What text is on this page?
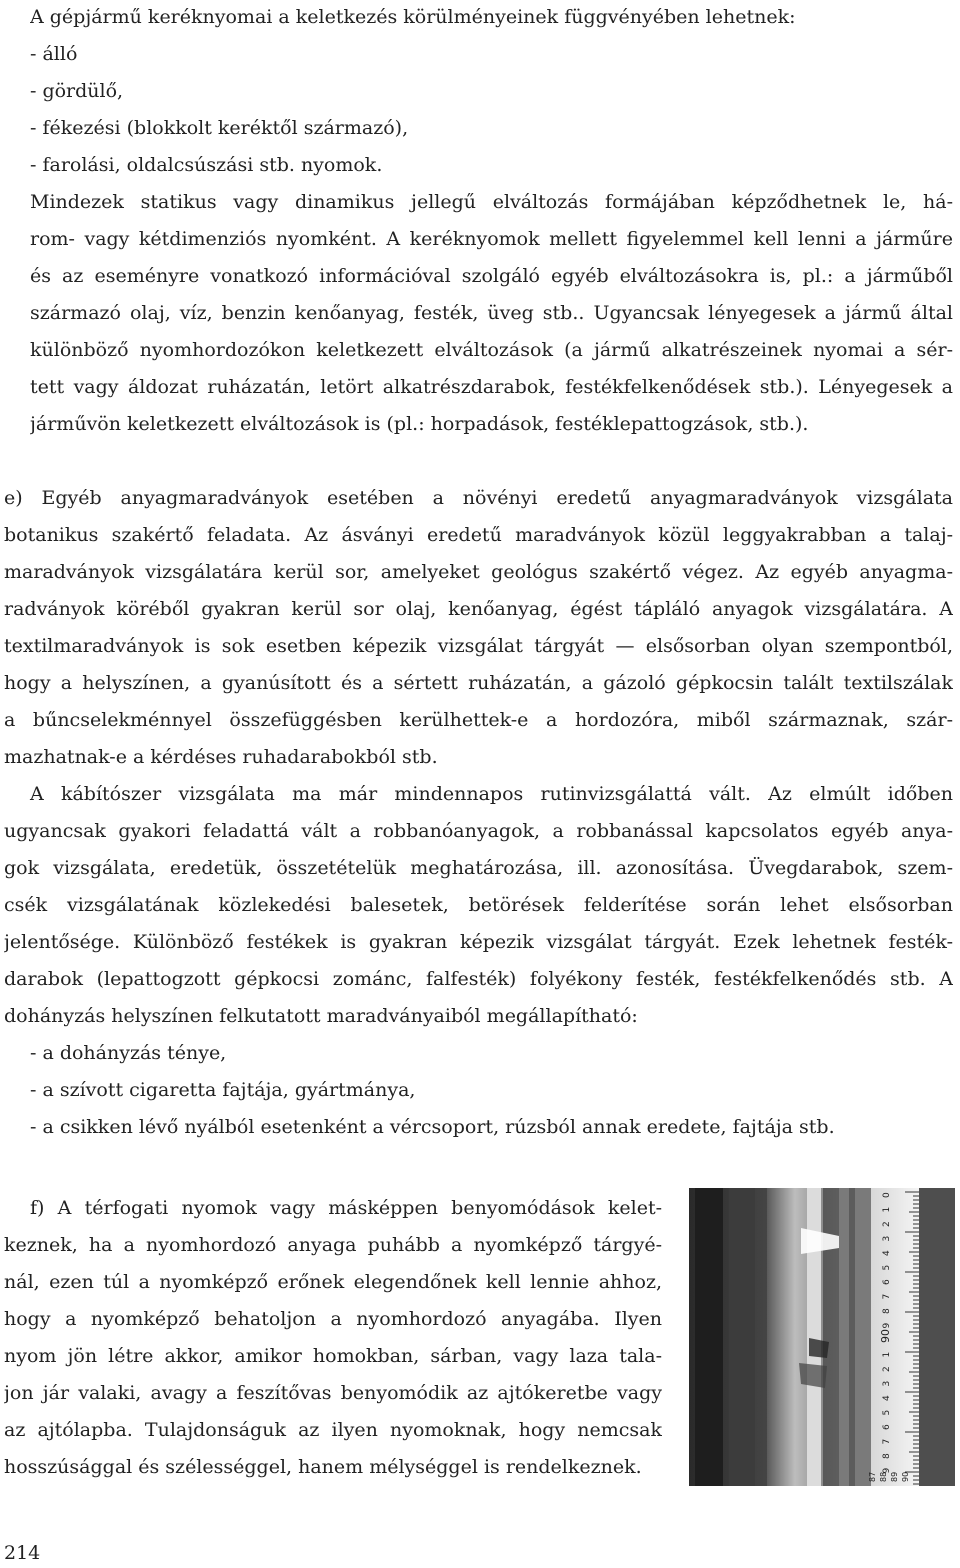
A gépjármű keréknyomai a keletkezés körülményeinek függvényében lehetnek:
- álló
- gördülő,
- fékezési (blokkolt keréktől származó),
- farolási, oldalcsúszási stb. nyomok.
Mindezek statikus vagy dinamikus jellegű elváltozás formájában képződhetnek le, há-
rom- vagy kétdimenziós nyomként. A keréknyomok mellett figyelemmel kell lenni a járműre
és az eseményre vonatkozó információval szolgáló egyéb elváltozásokra is, pl.: a járműből
származó olaj, víz, benzin kenőanyag, festék, üveg stb.. Ugyancsak lényegesek a jármű által
különböző nyomhordozókon keletkezett elváltozások (a jármű alkatrészeinek nyomai a sér-
tett vagy áldozat ruházatán, letört alkatrészdarabok, festékfelkenődések stb.). Lényegesek a
járművön keletkezett elváltozások is (pl.: horpadások, festéklepattogzások, stb.).
e) Egyéb anyagmaradványok esetében a növényi eredetű anyagmaradványok vizsgálata
botanikus szakértő feladata. Az ásványi eredetű maradványok közül leggyakrabban a talaj-
maradványok vizsgálatára kerül sor, amelyeket geológus szakértő végez. Az egyéb anyagma-
radványok köréből gyakran kerül sor olaj, kenőanyag, égést tápláló anyagok vizsgálatára. A
textilmaradványok is sok esetben képezik vizsgálat tárgyát — elsősorban olyan szempontból,
hogy a helyszínen, a gyanúsított és a sértett ruházatán, a gázoló gépkocsin talált textilszálak
a bűncselekménnyel összefüggésben kerülhettek-e a hordozóra, miből származnak, szár-
mazhatnak-e a kérdéses ruhadarabokból stb.
A kábítószer vizsgálata ma már mindennapos rutinvizsgálattá vált. Az elmúlt időben
ugyancsak gyakori feladattá vált a robbanóanyagok, a robbanással kapcsolatos egyéb anya-
gok vizsgálata, eredetük, összetételük meghatározása, ill. azonosítása. Üvegdarabok, szem-
csék vizsgálatának közlekedési balesetek, betörések felderítése során lehet elsősorban
jelentősége. Különböző festékek is gyakran képezik vizsgálat tárgyát. Ezek lehetnek festék-
darabok (lepattogzott gépkocsi zománc, falfesték) folyékony festék, festékfelkenődés stb. A
dohányzás helyszínen felkutatott maradványaiból megállapítható:
- a dohányzás ténye,
- a szívott cigaretta fajtája, gyártmánya,
- a csikken lévő nyálból esetenként a vércsoport, rúzsból annak eredete, fajtája stb.
f) A térfogati nyomok vagy másképpen benyomódások kelet-
keznek, ha a nyomhordozó anyaga puhább a nyomképző tárgyé-
nál, ezen túl a nyomképző erőnek elegendőnek kell lennie ahhoz,
hogy a nyomképző behatoljon a nyomhordozó anyagába. Ilyen
nyom jön létre akkor, amikor homokban, sárban, vagy laza tala-
jon jár valaki, avagy a feszítővas benyomódik az ajtókeretbe vagy
az ajtólapba. Tulajdonságuk az ilyen nyomoknak, hogy nemcsak
hosszúsággal és szélességgel, hanem mélységgel is rendelkeznek.
0
1
2
3
4
5
6
7
8
9
90
1
2
3
4
5
6
7
8
9
87 88 89 90
214
